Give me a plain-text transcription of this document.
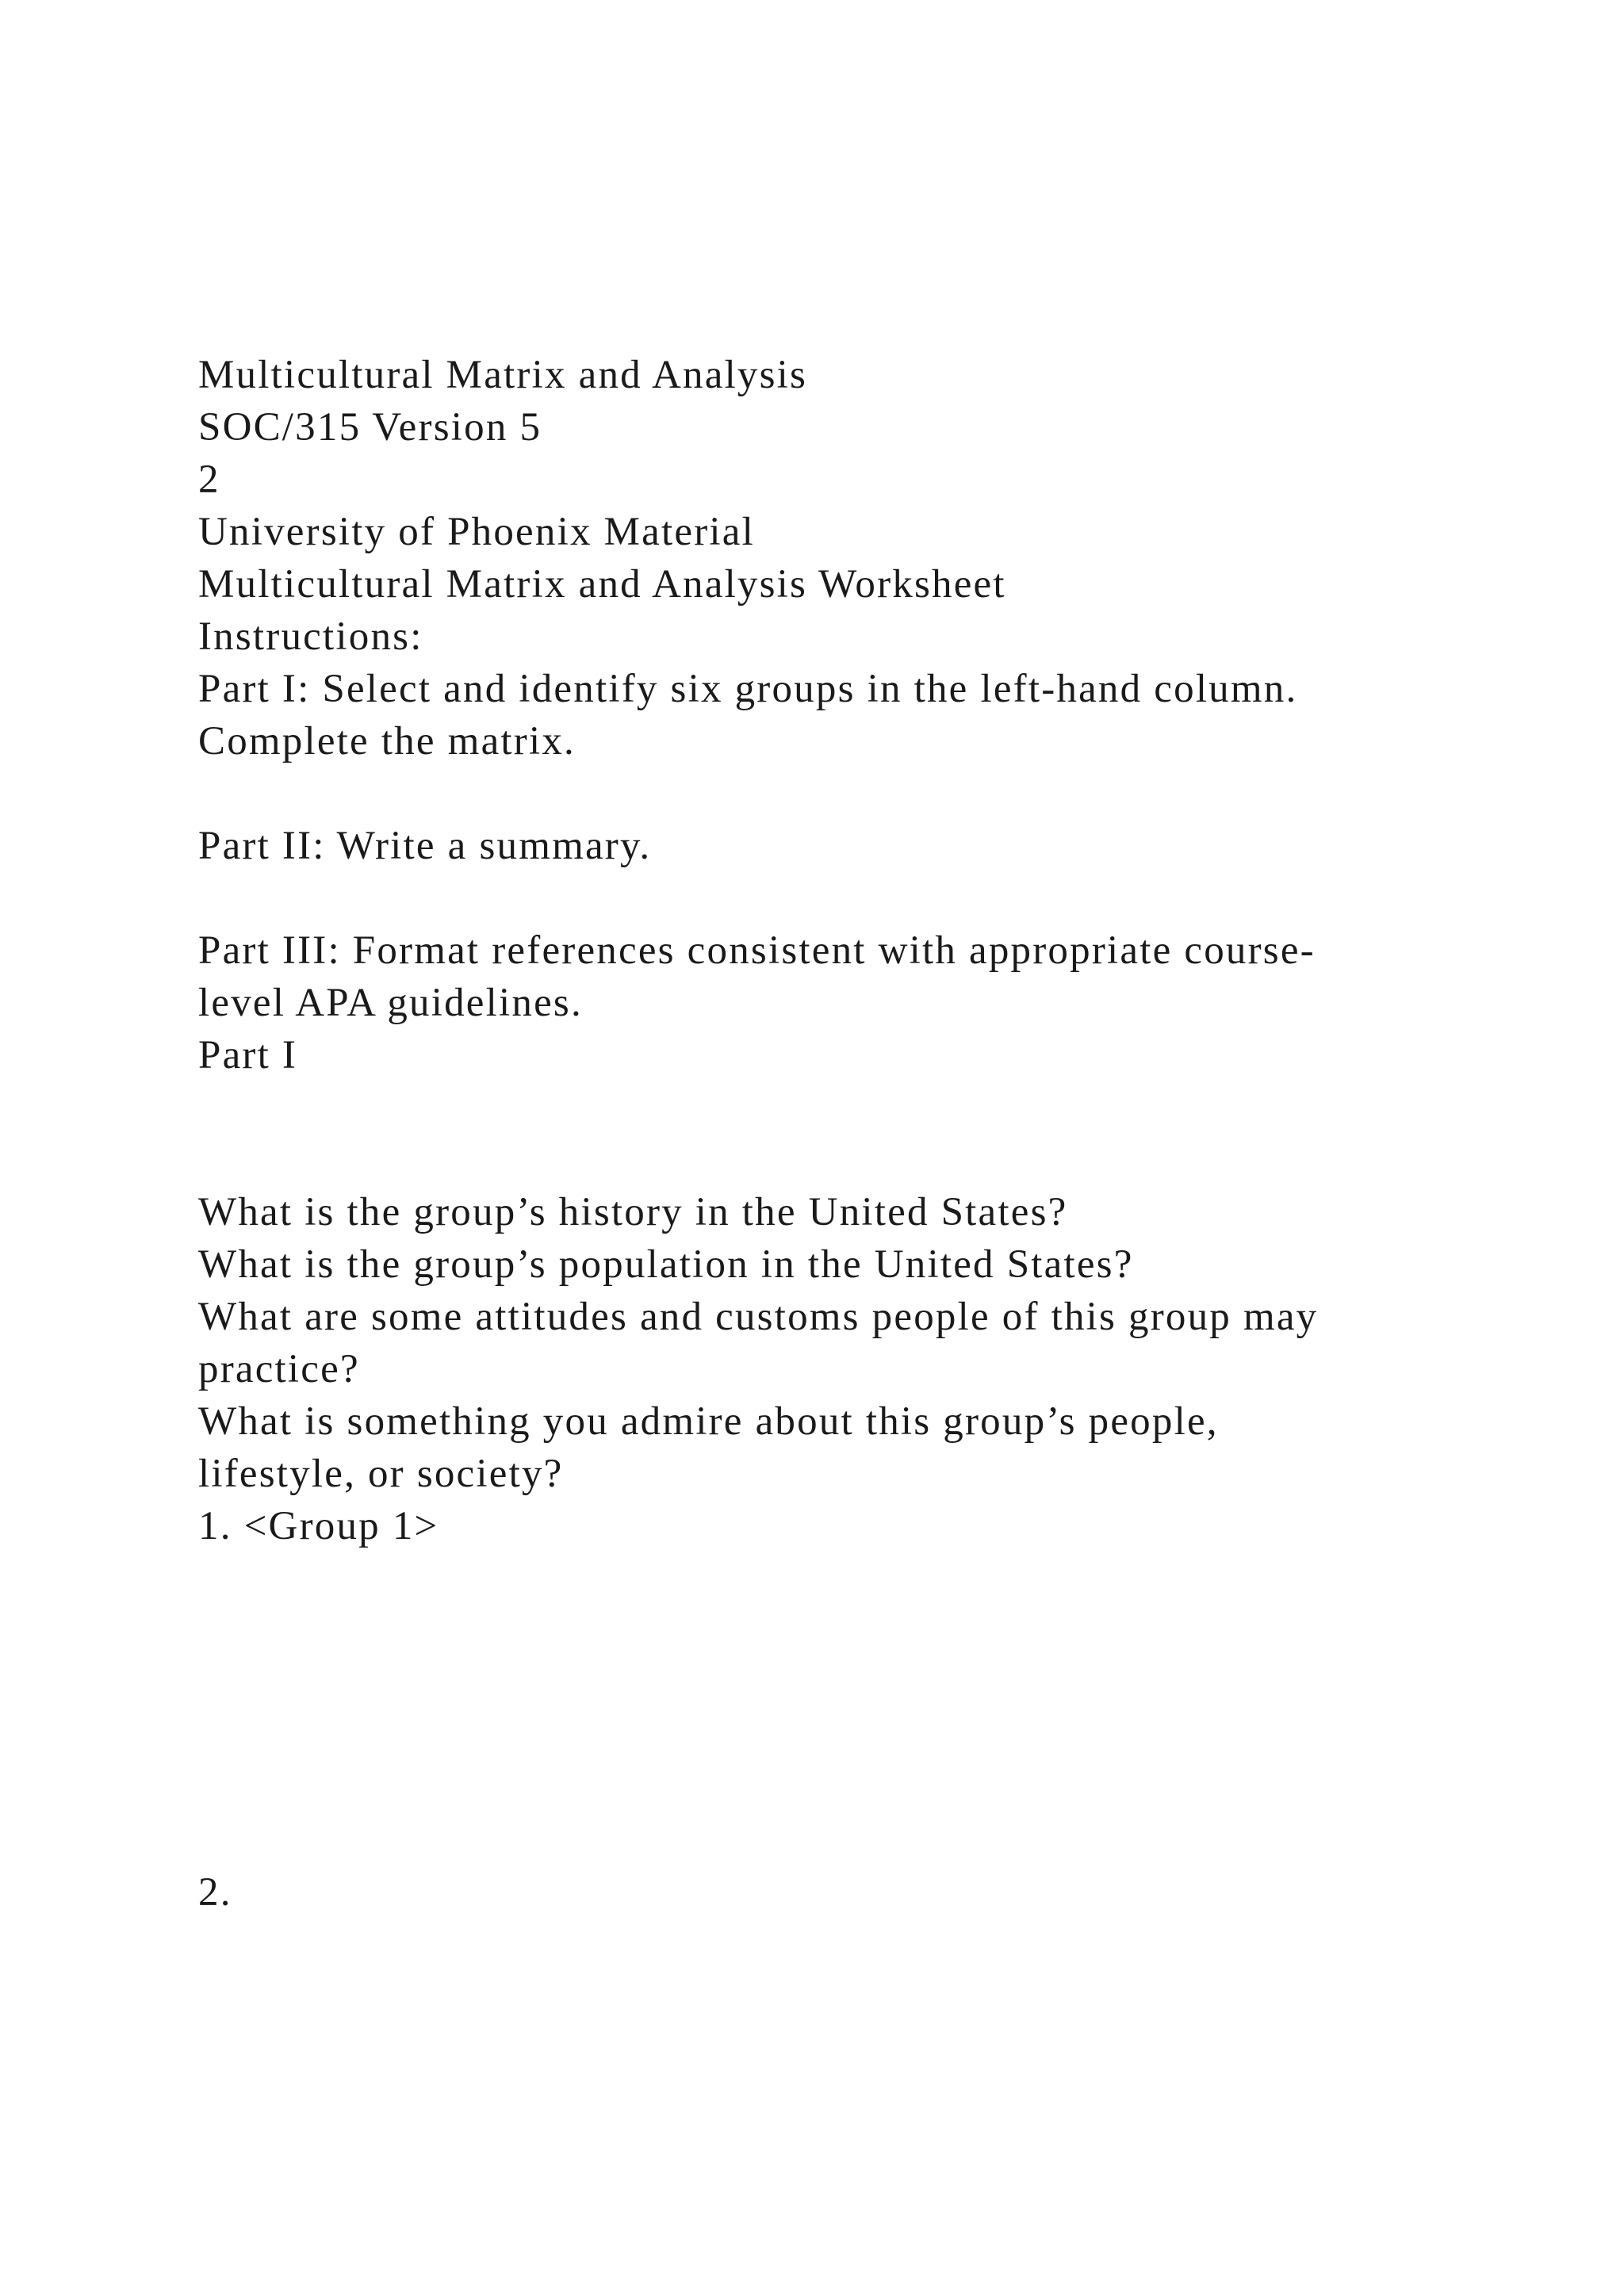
Multicultural Matrix and Analysis
SOC/315 Version 5
2
University of Phoenix Material
Multicultural Matrix and Analysis Worksheet
Instructions:
Part I: Select and identify six groups in the left-hand column.
Complete the matrix.
Part II: Write a summary.
Part III: Format references consistent with appropriate course-
level APA guidelines.
Part I
What is the group’s history in the United States?
What is the group’s population in the United States?
What are some attitudes and customs people of this group may
practice?
What is something you admire about this group’s people,
lifestyle, or society?
1. <Group 1>
2.
